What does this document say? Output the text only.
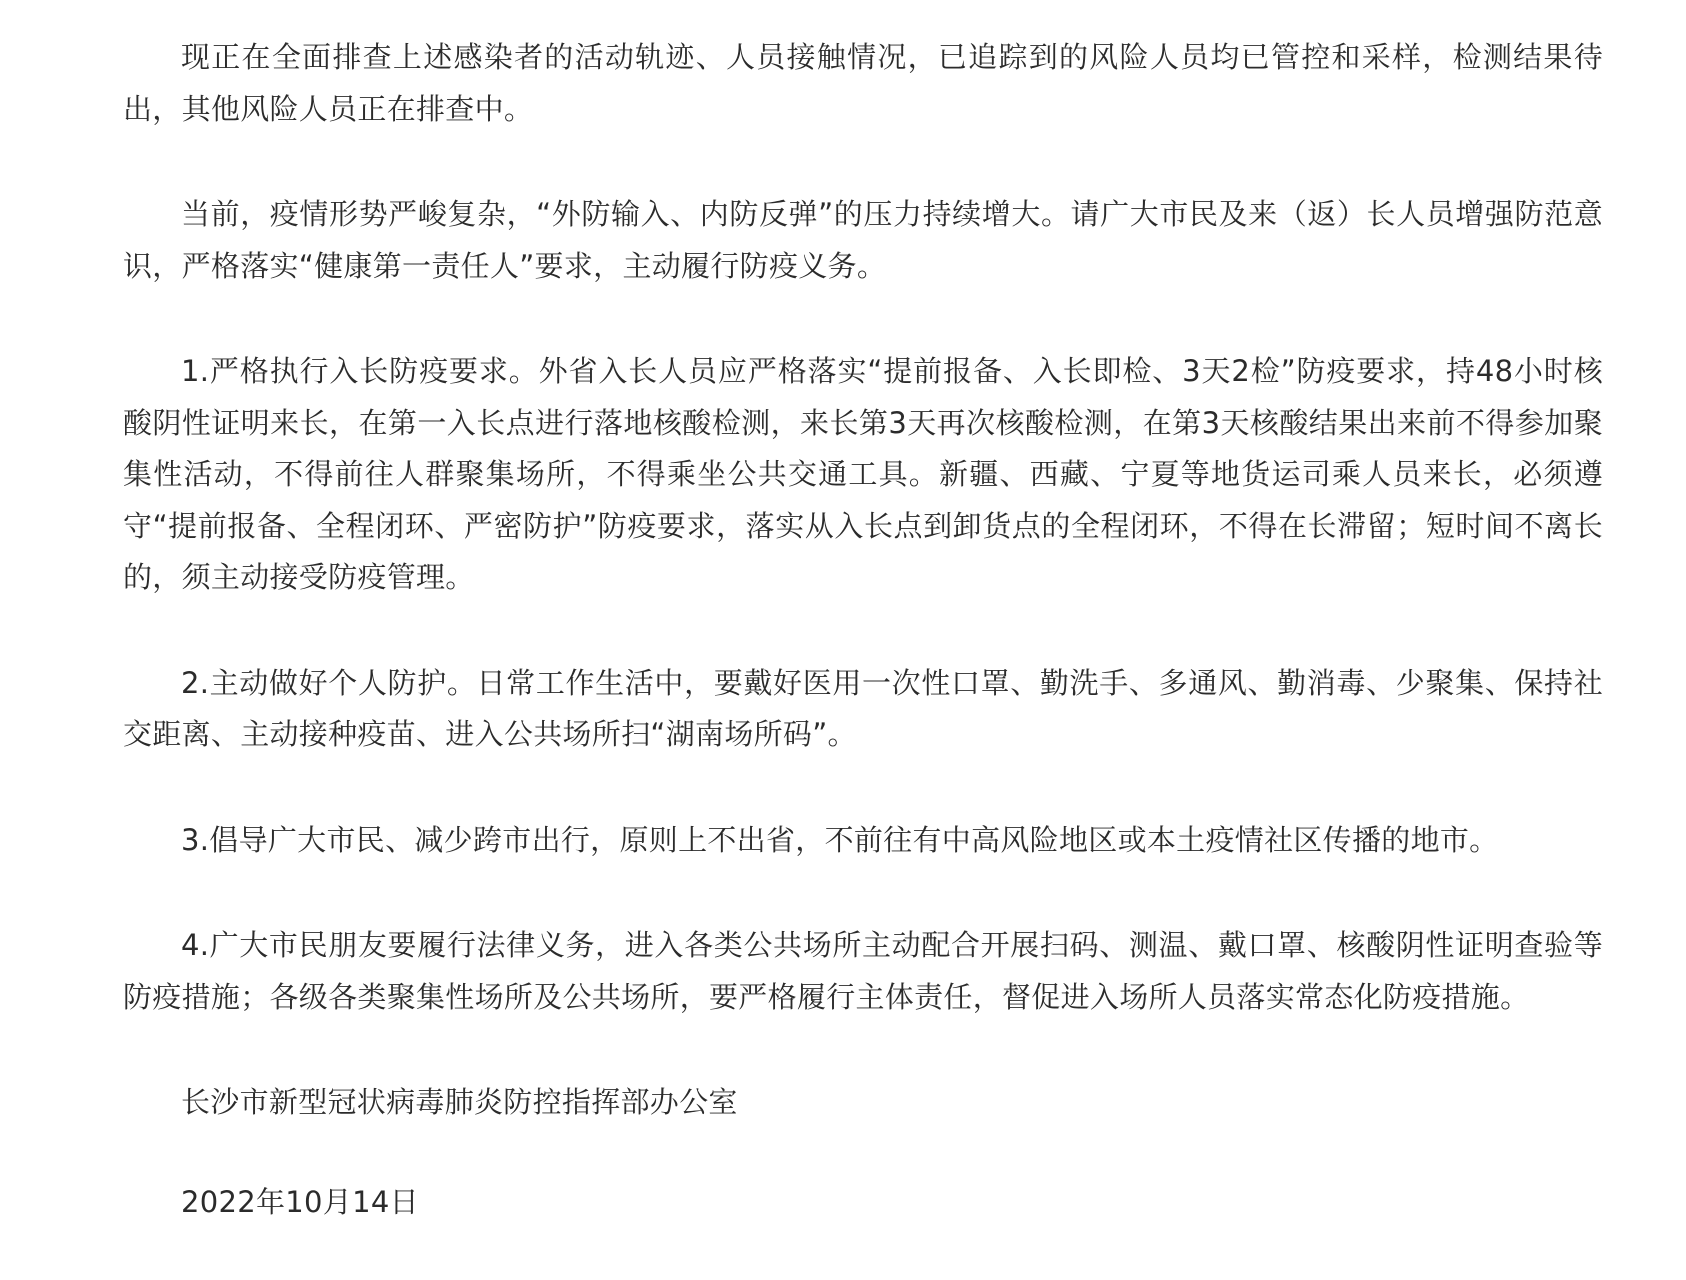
现正在全面排查上述感染者的活动轨迹、人员接触情况，已追踪到的风险人员均已管控和采样，检测结果待出，其他风险人员正在排查中。

当前，疫情形势严峻复杂，“外防输入、内防反弹”的压力持续增大。请广大市民及来（返）长人员增强防范意识，严格落实“健康第一责任人”要求，主动履行防疫义务。

1.严格执行入长防疫要求。外省入长人员应严格落实“提前报备、入长即检、3天2检”防疫要求，持48小时核酸阴性证明来长，在第一入长点进行落地核酸检测，来长第3天再次核酸检测，在第3天核酸结果出来前不得参加聚集性活动，不得前往人群聚集场所，不得乘坐公共交通工具。新疆、西藏、宁夏等地货运司乘人员来长，必须遵守“提前报备、全程闭环、严密防护”防疫要求，落实从入长点到卸货点的全程闭环，不得在长滞留；短时间不离长的，须主动接受防疫管理。

2.主动做好个人防护。日常工作生活中，要戴好医用一次性口罩、勤洗手、多通风、勤消毒、少聚集、保持社交距离、主动接种疫苗、进入公共场所扫“湖南场所码”。

3.倡导广大市民、减少跨市出行，原则上不出省，不前往有中高风险地区或本土疫情社区传播的地市。

4.广大市民朋友要履行法律义务，进入各类公共场所主动配合开展扫码、测温、戴口罩、核酸阴性证明查验等防疫措施；各级各类聚集性场所及公共场所，要严格履行主体责任，督促进入场所人员落实常态化防疫措施。

长沙市新型冠状病毒肺炎防控指挥部办公室

2022年10月14日
